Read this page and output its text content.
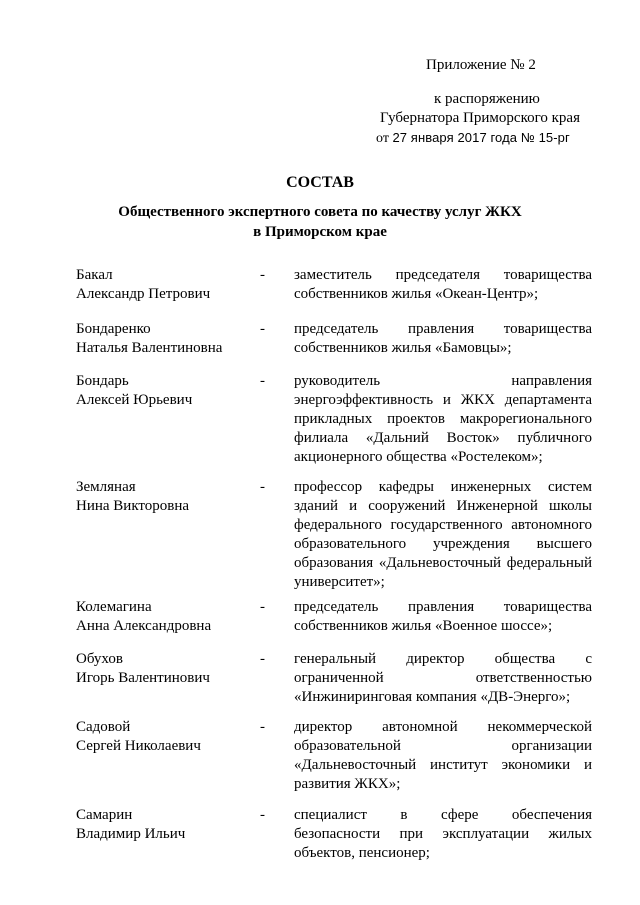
Приложение № 2
к распоряжению
Губернатора Приморского края
от 27 января 2017 года № 15-рг
СОСТАВ
Общественного экспертного совета по качеству услуг ЖКХ
в Приморском крае
Бакал
Александр Петрович
- заместитель председателя товарищества собственников жилья «Океан-Центр»;
Бондаренко
Наталья Валентиновна
- председатель правления товарищества собственников жилья «Бамовцы»;
Бондарь
Алексей Юрьевич
- руководитель направления энергоэффективность и ЖКХ департамента прикладных проектов макрорегионального филиала «Дальний Восток» публичного акционерного общества «Ростелеком»;
Земляная
Нина Викторовна
- профессор кафедры инженерных систем зданий и сооружений Инженерной школы федерального государственного автономного образовательного учреждения высшего образования «Дальневосточный федеральный университет»;
Колемагина
Анна Александровна
- председатель правления товарищества собственников жилья «Военное шоссе»;
Обухов
Игорь Валентинович
- генеральный директор общества с ограниченной ответственностью «Инжиниринговая компания «ДВ-Энерго»;
Садовой
Сергей Николаевич
- директор автономной некоммерческой образовательной организации «Дальневосточный институт экономики и развития ЖКХ»;
Самарин
Владимир Ильич
- специалист в сфере обеспечения безопасности при эксплуатации жилых объектов, пенсионер;
